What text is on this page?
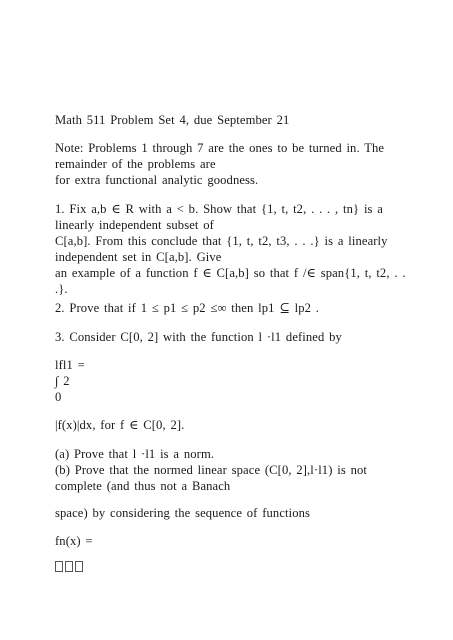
Math 511 Problem Set 4, due September 21
Note: Problems 1 through 7 are the ones to be turned in. The
remainder of the problems are
for extra functional analytic goodness.
1. Fix a,b ∈ R with a < b. Show that {1, t, t2, . . . , tn} is a
linearly independent subset of
C[a,b]. From this conclude that {1, t, t2, t3, . . .} is a linearly
independent set in C[a,b]. Give
an example of a function f ∈ C[a,b] so that f /∈ span{1, t, t2, . .
.}.
2. Prove that if 1 ≤ p1 ≤ p2 ≤∞ then lp1 ⊆ lp2 .
3. Consider C[0, 2] with the function l ·l1 defined by
lfl1 =
∫ 2
0
|f(x)|dx, for f ∈ C[0, 2].
(a) Prove that l ·l1 is a norm.
(b) Prove that the normed linear space (C[0, 2],l·l1) is not
complete (and thus not a Banach
space) by considering the sequence of functions
fn(x) =
